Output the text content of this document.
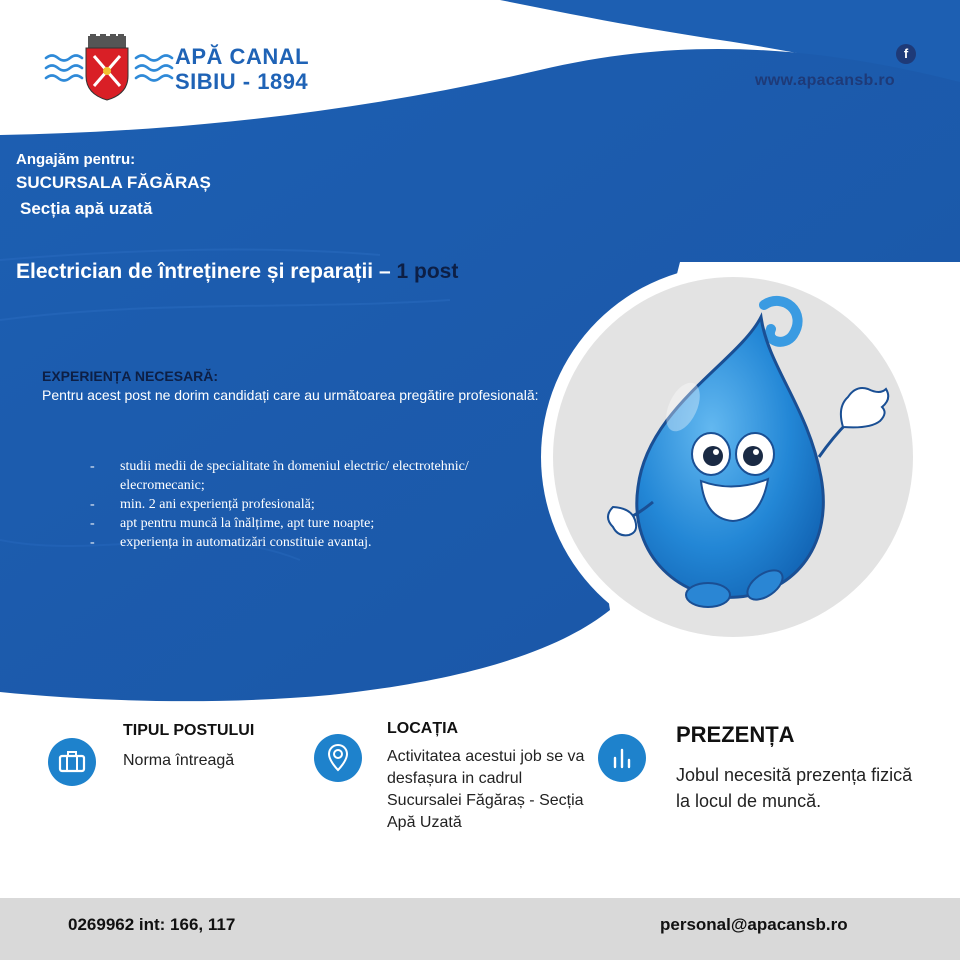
APĂ CANAL
SIBIU - 1894
f
www.apacansb.ro
Angajăm pentru:
SUCURSALA FĂGĂRAȘ
Secția apă uzată
Electrician de întreținere și reparații – 1 post
EXPERIENȚA NECESARĂ:
Pentru acest post ne dorim candidați care au următoarea pregătire profesională:
- studii medii de specialitate în domeniul electric/ electrotehnic/ elecromecanic;
- min. 2 ani experiență profesională;
- apt pentru muncă la înălțime, apt ture noapte;
- experiența in automatizări constituie avantaj.
TIPUL POSTULUI
Norma întreagă
LOCAȚIA
Activitatea acestui job se va desfașura in cadrul Sucursalei Făgăraș - Secția Apă Uzată
PREZENȚA
Jobul necesită prezența fizică la locul de muncă.
0269962 int: 166, 117	personal@apacansb.ro
